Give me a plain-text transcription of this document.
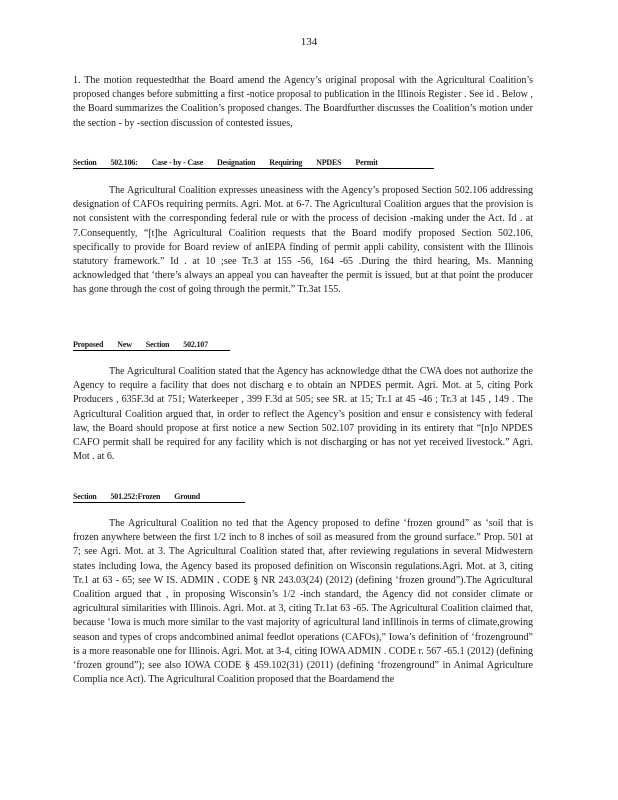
134
1. The motion requestedthat the Board amend the Agency’s original proposal with the Agricultural Coalition’s proposed changes before submitting a first -notice proposal to publication in the Illinois Register . See id . Below , the Board summarizes the Coalition’s proposed changes. The Boardfurther discusses the Coalition’s motion under the section - by -section discussion of contested issues,
Section 502.106: Case - by - Case Designation Requiring NPDES Permit
The Agricultural Coalition expresses uneasiness with the Agency’s proposed Section 502.106 addressing designation of CAFOs requiring permits. Agri. Mot. at 6-7. The Agricultural Coalition argues that the provision is not consistent with the corresponding federal rule or with the process of decision -making under the Act. Id . at 7.Consequently, “[t]he Agricultural Coalition requests that the Board modify proposed Section 502.106, specifically to provide for Board review of anIEPA finding of permit appli cability, consistent with the Illinois statutory framework.” Id . at 10 ;see Tr.3 at 155 -56, 164 -65 .During the third hearing, Ms. Manning acknowledged that ‘there’s always an appeal you can haveafter the permit is issued, but at that point the producer has gone through the cost of going through the permit.” Tr.3at 155.
Proposed New Section 502.107
The Agricultural Coalition stated that the Agency has acknowledge dthat the CWA does not authorize the Agency to require a facility that does not discharg e to obtain an NPDES permit. Agri. Mot. at 5, citing Pork Producers , 635F.3d at 751; Waterkeeper , 399 F.3d at 505; see SR. at 15; Tr.1 at 45 -46 ; Tr.3 at 145 , 149 . The Agricultural Coalition argued that, in order to reflect the Agency’s position and ensur e consistency with federal law, the Board should propose at first notice a new Section 502.107 providing in its entirety that “[n]o NPDES CAFO permit shall be required for any facility which is not discharging or has not yet received livestock.” Agri. Mot . at 6.
Section 501.252:Frozen Ground
The Agricultural Coalition no ted that the Agency proposed to define ‘frozen ground” as ‘soil that is frozen anywhere between the first 1/2 inch to 8 inches of soil as measured from the ground surface.” Prop. 501 at 7; see Agri. Mot. at 3. The Agricultural Coalition stated that, after reviewing regulations in several Midwestern states including Iowa, the Agency based its proposed definition on Wisconsin regulations.Agri. Mot. at 3, citing Tr.1 at 63 - 65; see W IS. ADMIN . CODE § NR 243.03(24) (2012) (defining ‘frozen ground”).The Agricultural Coalition argued that , in proposing Wisconsin’s 1/2 -inch standard, the Agency did not consider climate or agricultural similarities with Illinois. Agri. Mot. at 3, citing Tr.1at 63 -65. The Agricultural Coalition claimed that, because ‘Iowa is much more similar to the vast majority of agricultural land inIllinois in terms of climate,growing season and types of crops andcombined animal feedlot operations (CAFOs),” Iowa’s definition of ‘frozenground” is a more reasonable one for Illinois. Agri. Mot. at 3-4, citing IOWA ADMIN . CODE r. 567 -65.1 (2012) (defining ‘frozen ground”); see also IOWA CODE § 459.102(31) (2011) (defining ‘frozenground” in Animal Agriculture Complia nce Act). The Agricultural Coalition proposed that the Boardamend the
